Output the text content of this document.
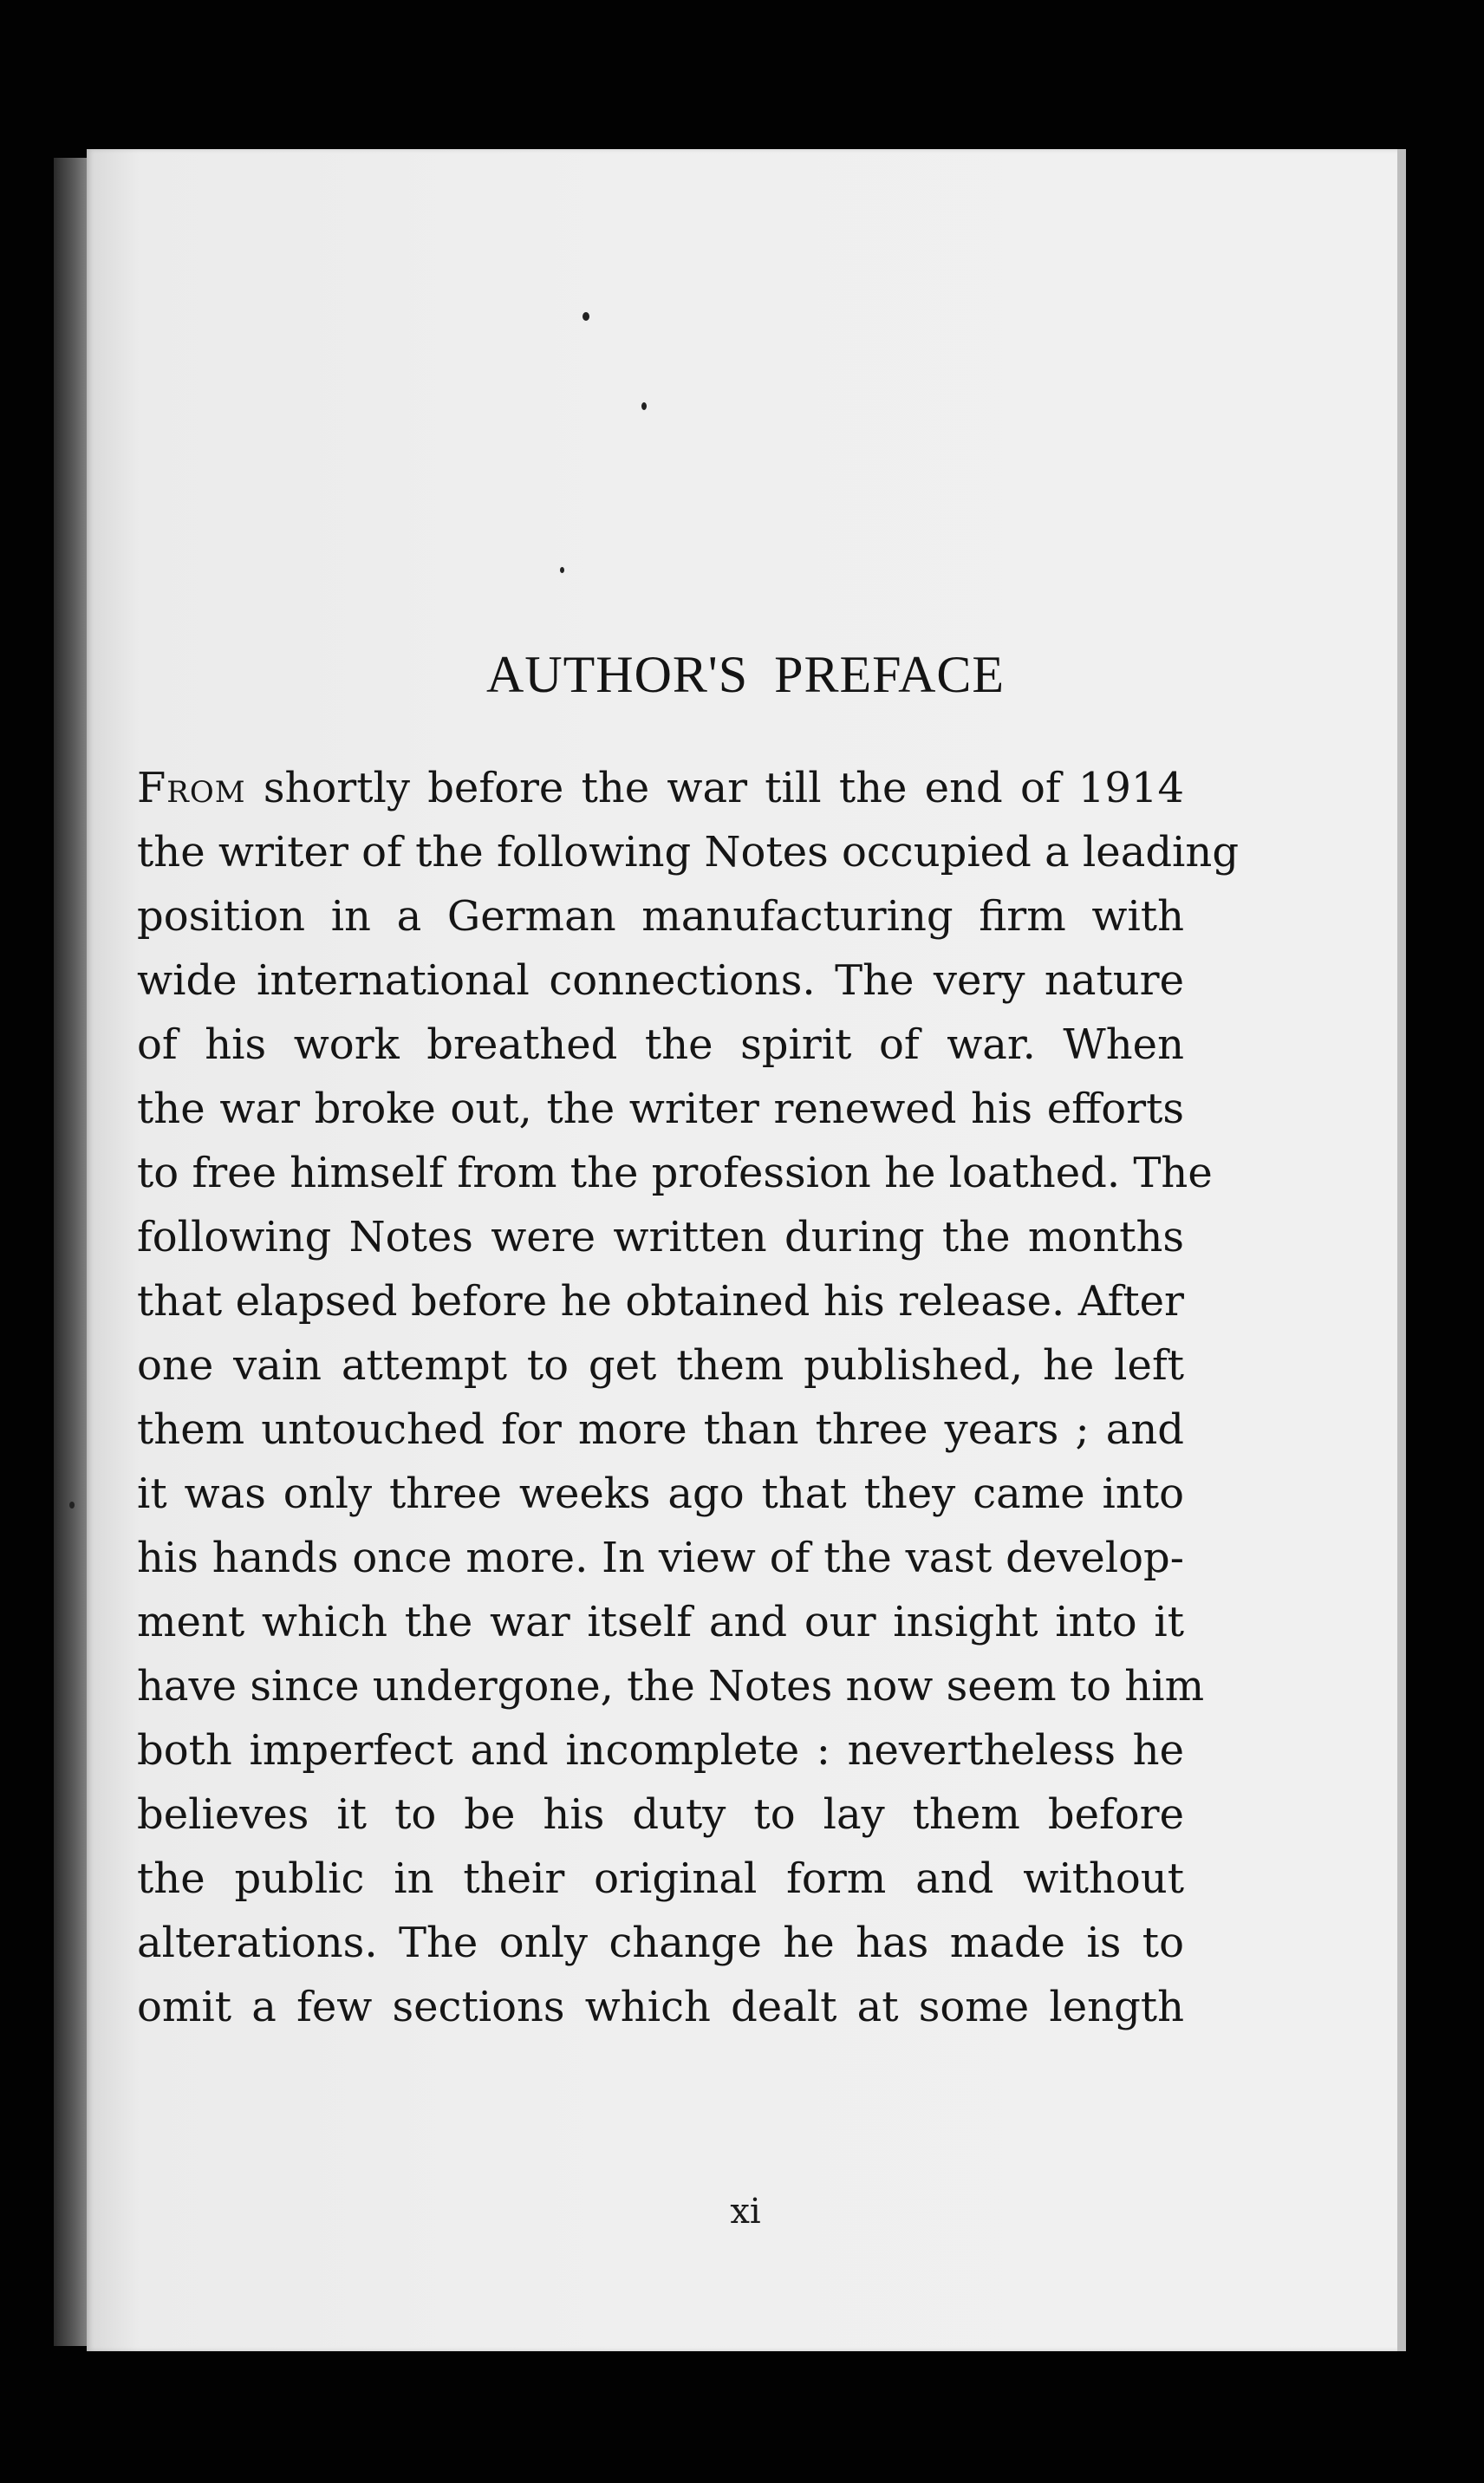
AUTHOR'S PREFACE
From shortly before the war till the end of 1914
the writer of the following Notes occupied a leading
position in a German manufacturing firm with
wide international connections. The very nature
of his work breathed the spirit of war. When
the war broke out, the writer renewed his efforts
to free himself from the profession he loathed. The
following Notes were written during the months
that elapsed before he obtained his release. After
one vain attempt to get them published, he left
them untouched for more than three years ; and
it was only three weeks ago that they came into
his hands once more. In view of the vast develop-
ment which the war itself and our insight into it
have since undergone, the Notes now seem to him
both imperfect and incomplete : nevertheless he
believes it to be his duty to lay them before
the public in their original form and without
alterations. The only change he has made is to
omit a few sections which dealt at some length
xi
